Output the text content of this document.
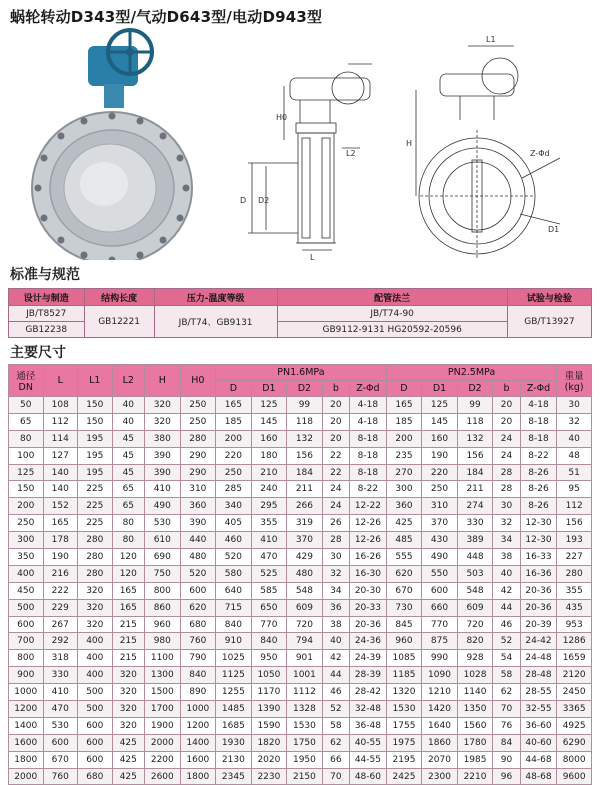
蜗轮转动D343型/气动D643型/电动D943型
D D2
H0
L
L2
L1
H
Z-Φd
D1
标准与规范
设计与制造	结构长度	压力-温度等级	配管法兰	试验与检验
JB/T8527	GB12221	JB/T74、GB9131	JB/T74-90	GB/T13927
GB12238			GB9112-9131 HG20592-20596	
主要尺寸
通径 DN	L	L1	L2	H	H0	PN1.6MPa					PN2.5MPa					重量 (kg)
						D	D1	D2	b	Z-Φd	D	D1	D2	b	Z-Φd	
50	108	150	40	320	250	165	125	99	20	4-18	165	125	99	20	4-18	30
65	112	150	40	320	250	185	145	118	20	4-18	185	145	118	20	8-18	32
80	114	195	45	380	280	200	160	132	20	8-18	200	160	132	24	8-18	40
100	127	195	45	390	290	220	180	156	22	8-18	235	190	156	24	8-22	48
125	140	195	45	390	290	250	210	184	22	8-18	270	220	184	28	8-26	51
150	140	225	65	410	310	285	240	211	24	8-22	300	250	211	28	8-26	95
200	152	225	65	490	360	340	295	266	24	12-22	360	310	274	30	8-26	112
250	165	225	80	530	390	405	355	319	26	12-26	425	370	330	32	12-30	156
300	178	280	80	610	440	460	410	370	28	12-26	485	430	389	34	12-30	193
350	190	280	120	690	480	520	470	429	30	16-26	555	490	448	38	16-33	227
400	216	280	120	750	520	580	525	480	32	16-30	620	550	503	40	16-36	280
450	222	320	165	800	600	640	585	548	34	20-30	670	600	548	42	20-36	355
500	229	320	165	860	620	715	650	609	36	20-33	730	660	609	44	20-36	435
600	267	320	215	960	680	840	770	720	38	20-36	845	770	720	46	20-39	953
700	292	400	215	980	760	910	840	794	40	24-36	960	875	820	52	24-42	1286
800	318	400	215	1100	790	1025	950	901	42	24-39	1085	990	928	54	24-48	1659
900	330	400	320	1300	840	1125	1050	1001	44	28-39	1185	1090	1028	58	28-48	2120
1000	410	500	320	1500	890	1255	1170	1112	46	28-42	1320	1210	1140	62	28-55	2450
1200	470	500	320	1700	1000	1485	1390	1328	52	32-48	1530	1420	1350	70	32-55	3365
1400	530	600	320	1900	1200	1685	1590	1530	58	36-48	1755	1640	1560	76	36-60	4925
1600	600	600	425	2000	1400	1930	1820	1750	62	40-55	1975	1860	1780	84	40-60	6290
1800	670	600	425	2200	1600	2130	2020	1950	66	44-55	2195	2070	1985	90	44-68	8000
2000	760	680	425	2600	1800	2345	2230	2150	70	48-60	2425	2300	2210	96	48-68	9600
